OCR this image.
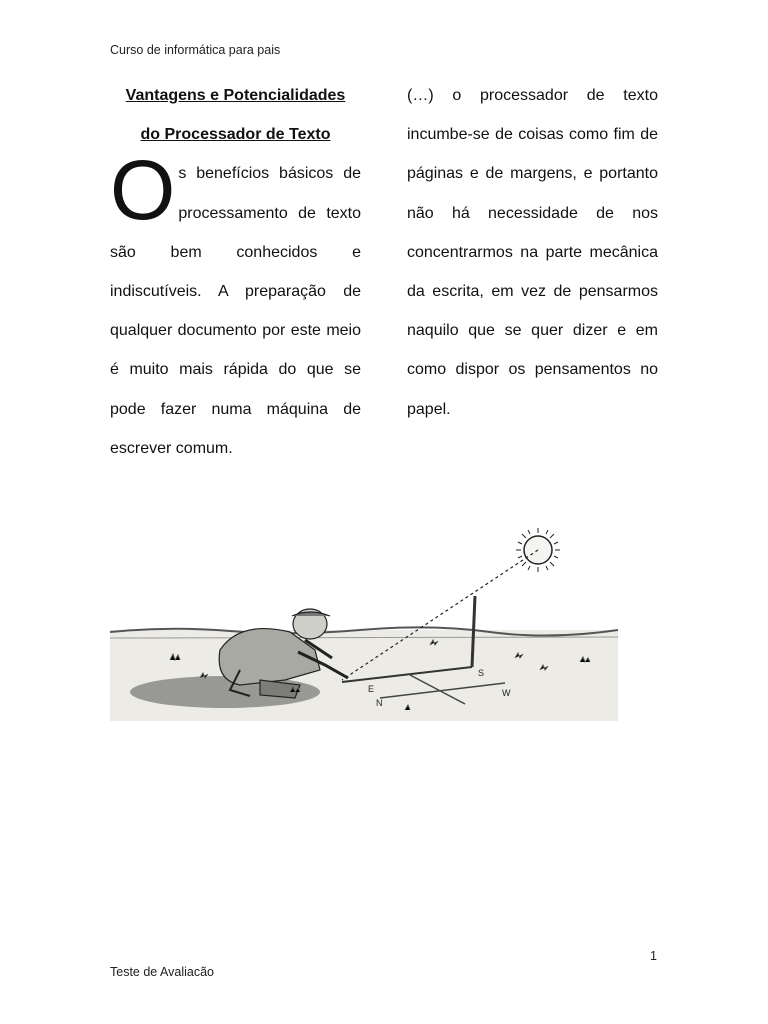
Curso de informática para pais
Vantagens e Potencialidades
do Processador de Texto
O s benefícios básicos de processamento de texto são bem conhecidos e indiscutíveis. A preparação de qualquer documento por este meio é muito mais rápida do que se pode fazer numa máquina de escrever comum.
(…) o processador de texto incumbe-se de coisas como fim de páginas e de margens, e portanto não há necessidade de nos concentrarmos na parte mecânica da escrita, em vez de pensarmos naquilo que se quer dizer e em como dispor os pensamentos no papel.
S
E
N
W
1
Teste de Avaliacão
